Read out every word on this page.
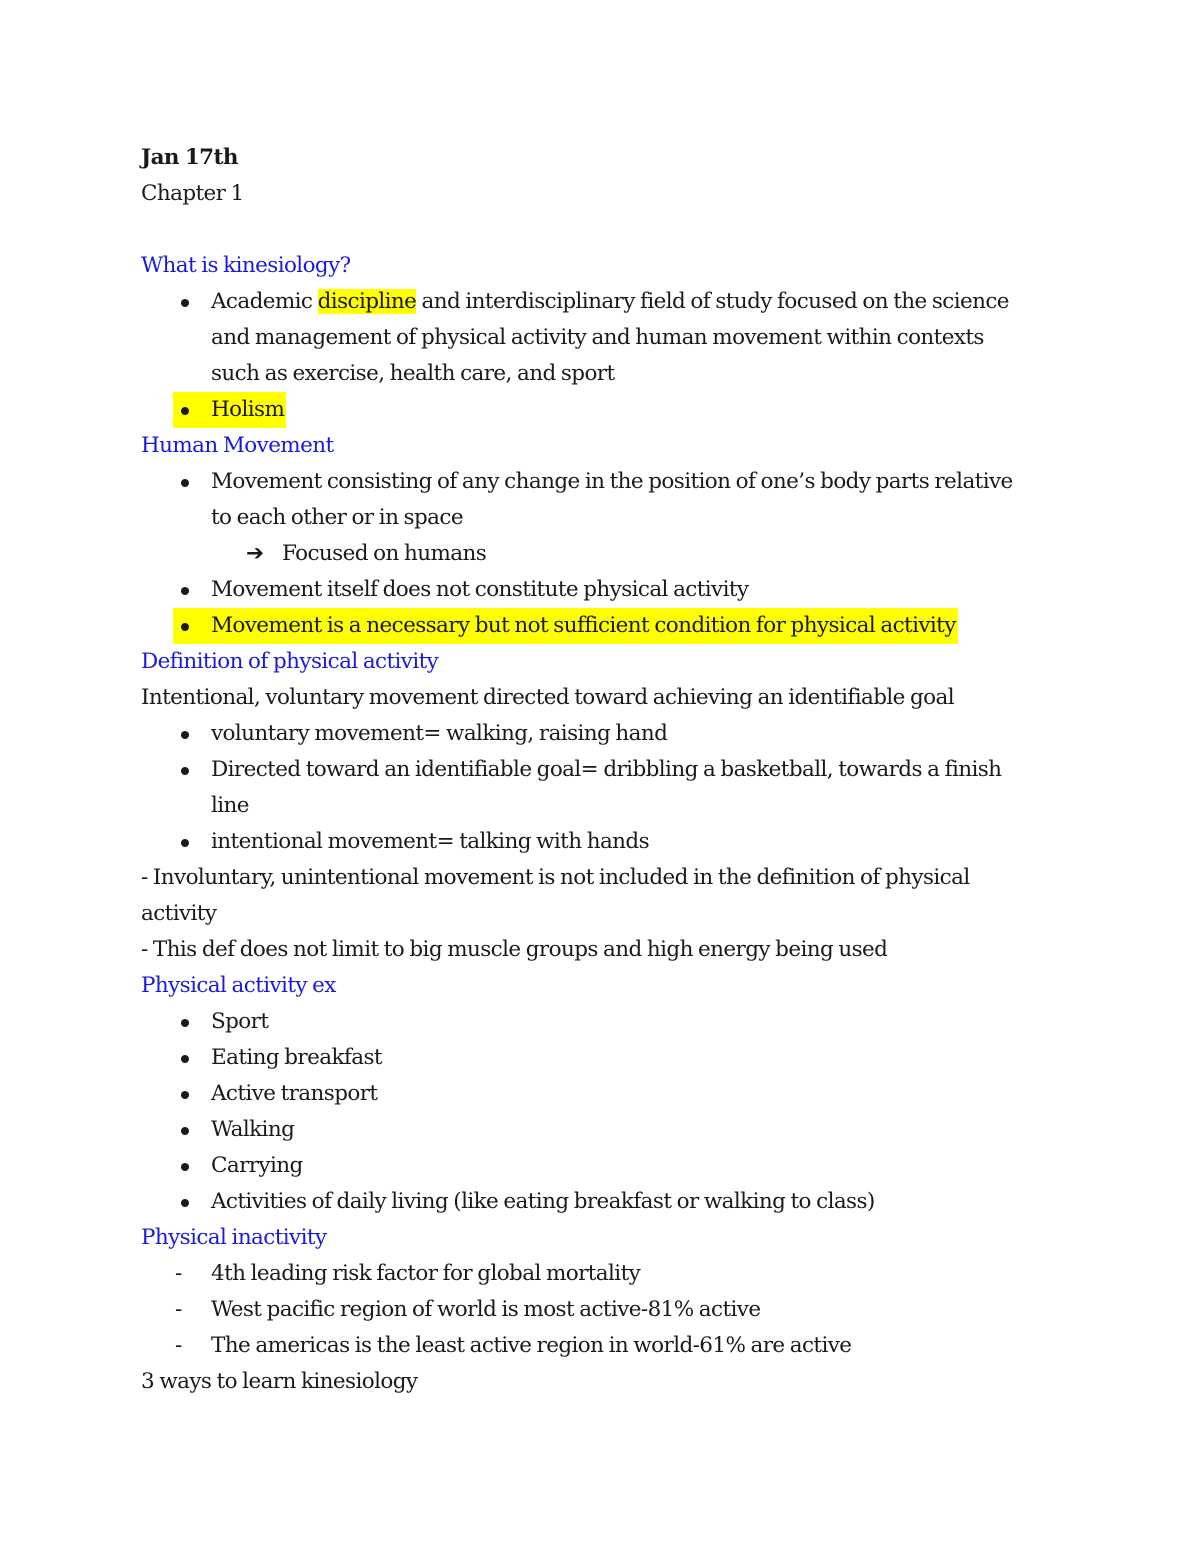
Jan 17th
Chapter 1

What is kinesiology?
Academic discipline and interdisciplinary field of study focused on the science
and management of physical activity and human movement within contexts
such as exercise, health care, and sport
Holism
Human Movement
Movement consisting of any change in the position of one’s body parts relative
to each other or in space
➔ Focused on humans
Movement itself does not constitute physical activity
Movement is a necessary but not sufficient condition for physical activity
Definition of physical activity
Intentional, voluntary movement directed toward achieving an identifiable goal
voluntary movement= walking, raising hand
Directed toward an identifiable goal= dribbling a basketball, towards a finish
line
intentional movement= talking with hands
- Involuntary, unintentional movement is not included in the definition of physical
activity
- This def does not limit to big muscle groups and high energy being used
Physical activity ex
Sport
Eating breakfast
Active transport
Walking
Carrying
Activities of daily living (like eating breakfast or walking to class)
Physical inactivity
- 4th leading risk factor for global mortality
- West pacific region of world is most active-81% active
- The americas is the least active region in world-61% are active
3 ways to learn kinesiology
